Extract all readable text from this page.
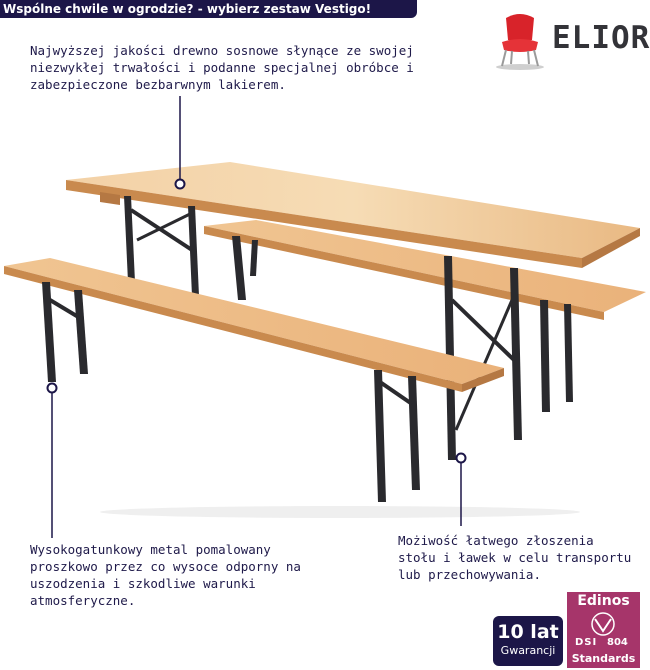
Wspólne chwile w ogrodzie? - wybierz zestaw Vestigo!
ELIOR
Najwyższej jakości drewno sosnowe słynące ze swojej
niezwykłej trwałości i podanne specjalnej obróbce i
zabezpieczone bezbarwnym lakierem.
Wysokogatunkowy metal pomalowany
proszkowo przez co wysoce odporny na
uszodzenia i szkodliwe warunki
atmosferyczne.
Możiwość łatwego złoszenia
stołu i ławek w celu transportu
lub przechowywania.
10 lat
Gwarancji
Edinos
DSI 804
Standards
